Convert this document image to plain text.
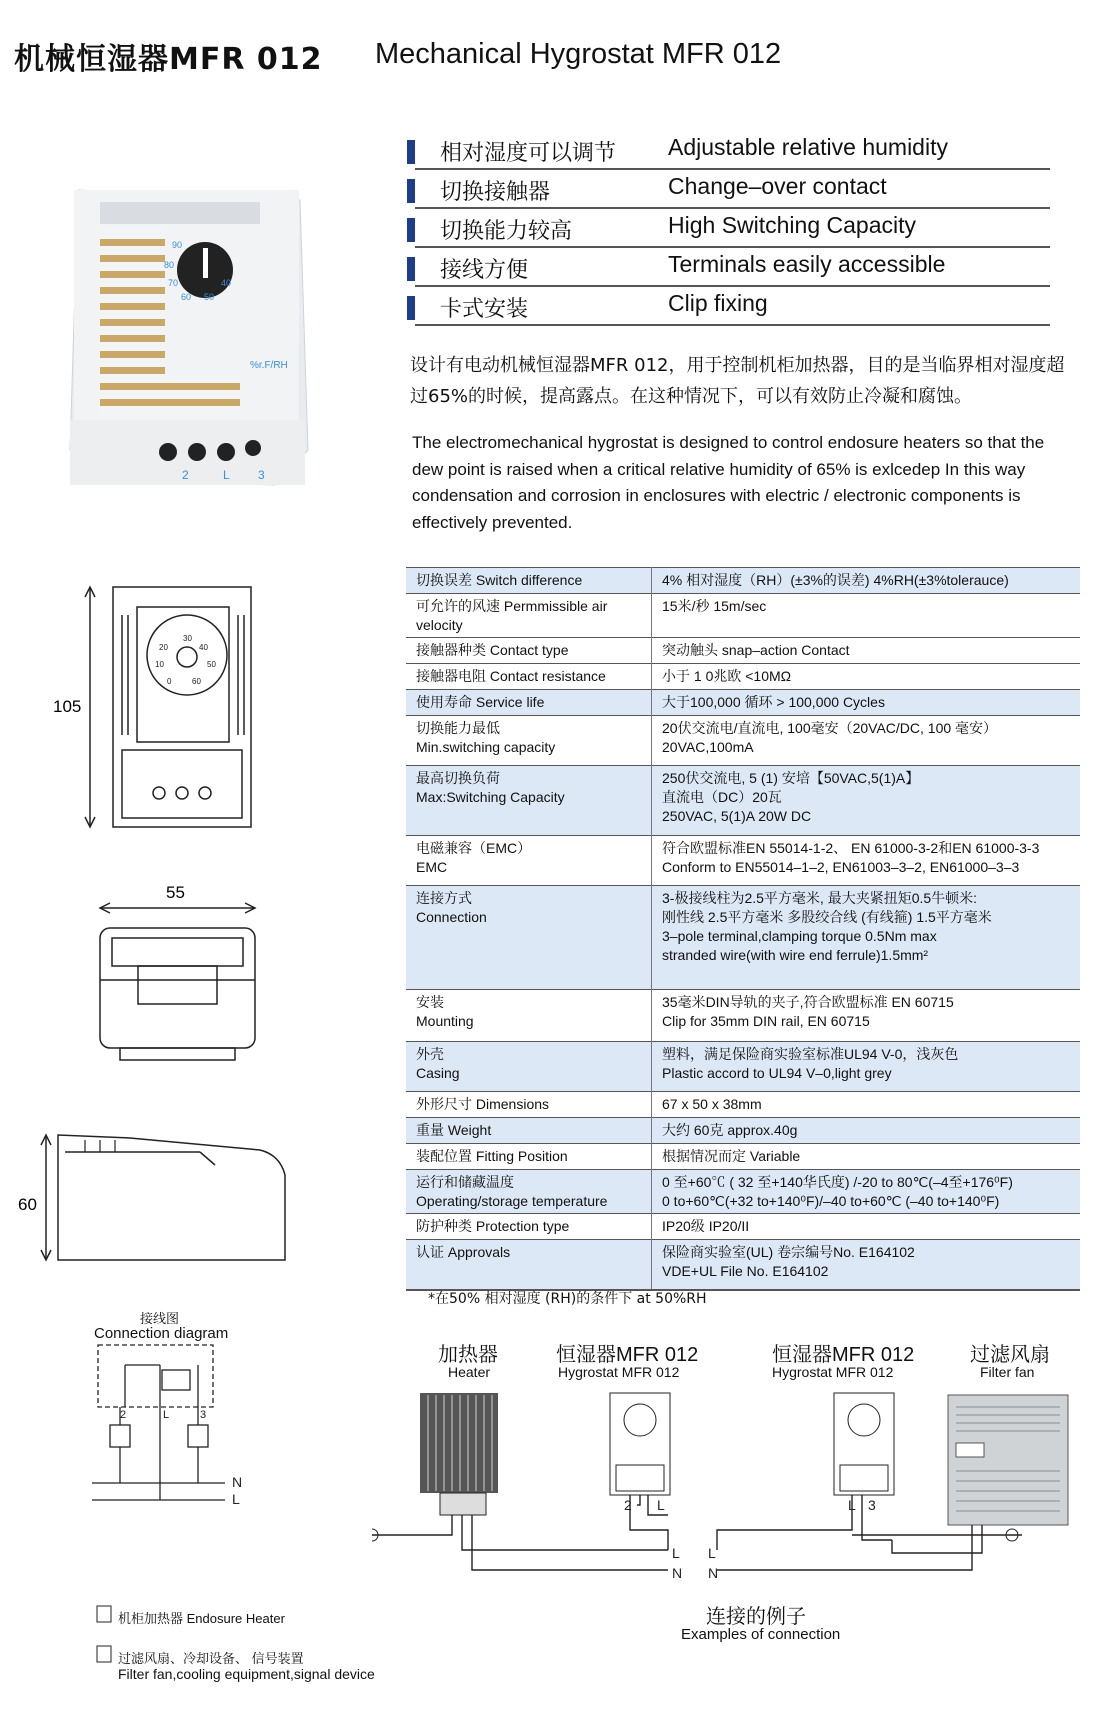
机械恒湿器MFR 012 Mechanical Hygrostat MFR 012
90
80
70
60 50
40
%r.F/RH
2	L 3
相对湿度可以调节 Adjustable relative humidity
切换接触器	Change–over contact
切换能力较高	High Switching Capacity
接线方便	Terminals easily accessible
卡式安装	Clip fixing
设计有电动机械恒湿器MFR 012，用于控制机柜加热器，目的是当临界相对湿度超过65%的时候，提高露点。在这种情况下，可以有效防止冷凝和腐蚀。
The electromechanical hygrostat is designed to control endosure heaters so that the dew point is raised when a critical relative humidity of 65% is exlcedep In this way condensation and corrosion in enclosures with electric / electronic components is effectively prevented.
切换误差 Switch difference	4% 相对湿度（RH）(±3%的误差) 4%RH(±3%tolerauce)
可允许的风速 Permmissible air velocity	15米/秒 15m/sec
接触器种类 Contact type	突动触头 snap–action Contact
接触器电阻 Contact resistance	小于 1 0兆欧 <10MΩ
使用寿命 Service life	大于100,000 循环 > 100,000 Cycles
切换能力最低
Min.switching capacity	20伏交流电/直流电, 100毫安（20VAC/DC, 100 毫安）
20VAC,100mA
最高切换负荷
Max:Switching Capacity	250伏交流电, 5 (1) 安培【50VAC,5(1)A】
直流电（DC）20瓦
250VAC, 5(1)A 20W DC
电磁兼容（EMC）
EMC	符合欧盟标准EN 55014-1-2、 EN 61000-3-2和EN 61000-3-3
Conform to EN55014–1–2, EN61003–3–2, EN61000–3–3
连接方式
Connection	3-极接线柱为2.5平方毫米, 最大夹紧扭矩0.5牛顿米:
刚性线 2.5平方毫米 多股绞合线 (有线箍) 1.5平方毫米
3–pole terminal,clamping torque 0.5Nm max
stranded wire(with wire end ferrule)1.5mm²
安装
Mounting	35毫米DIN导轨的夹子,符合欧盟标准 EN 60715
Clip for 35mm DIN rail, EN 60715
外壳
Casing	塑料，满足保险商实验室标准UL94 V-0，浅灰色
Plastic accord to UL94 V–0,light grey
外形尺寸 Dimensions	67 x 50 x 38mm
重量 Weight	大约 60克 approx.40g
装配位置 Fitting Position	根据情况而定 Variable
运行和储藏温度
Operating/storage temperature	0 至+60℃ ( 32 至+140华氏度) /-20 to 80℃(–4至+176⁰F)
0 to+60℃(+32 to+140⁰F)/–40 to+60℃ (–40 to+140⁰F)
防护种类 Protection type	IP20级 IP20/II
认证 Approvals	保险商实验室(UL) 卷宗编号No. E164102
VDE+UL File No. E164102
*在50% 相对湿度 (RH)的条件下 at 50%RH
30
40
20
10	50
0	60
105
55
60
接线图
Connection diagram
2	L	3
N
L
机柜加热器 Endosure Heater
过滤风扇、冷却设备、 信号装置
Filter fan,cooling equipment,signal device
加热器
Heater
恒湿器MFR 012
Hygrostat MFR 012
恒湿器MFR 012
Hygrostat MFR 012
过滤风扇
Filter fan
2 L	L 3
L
N
L
N
连接的例子
Examples of connection
